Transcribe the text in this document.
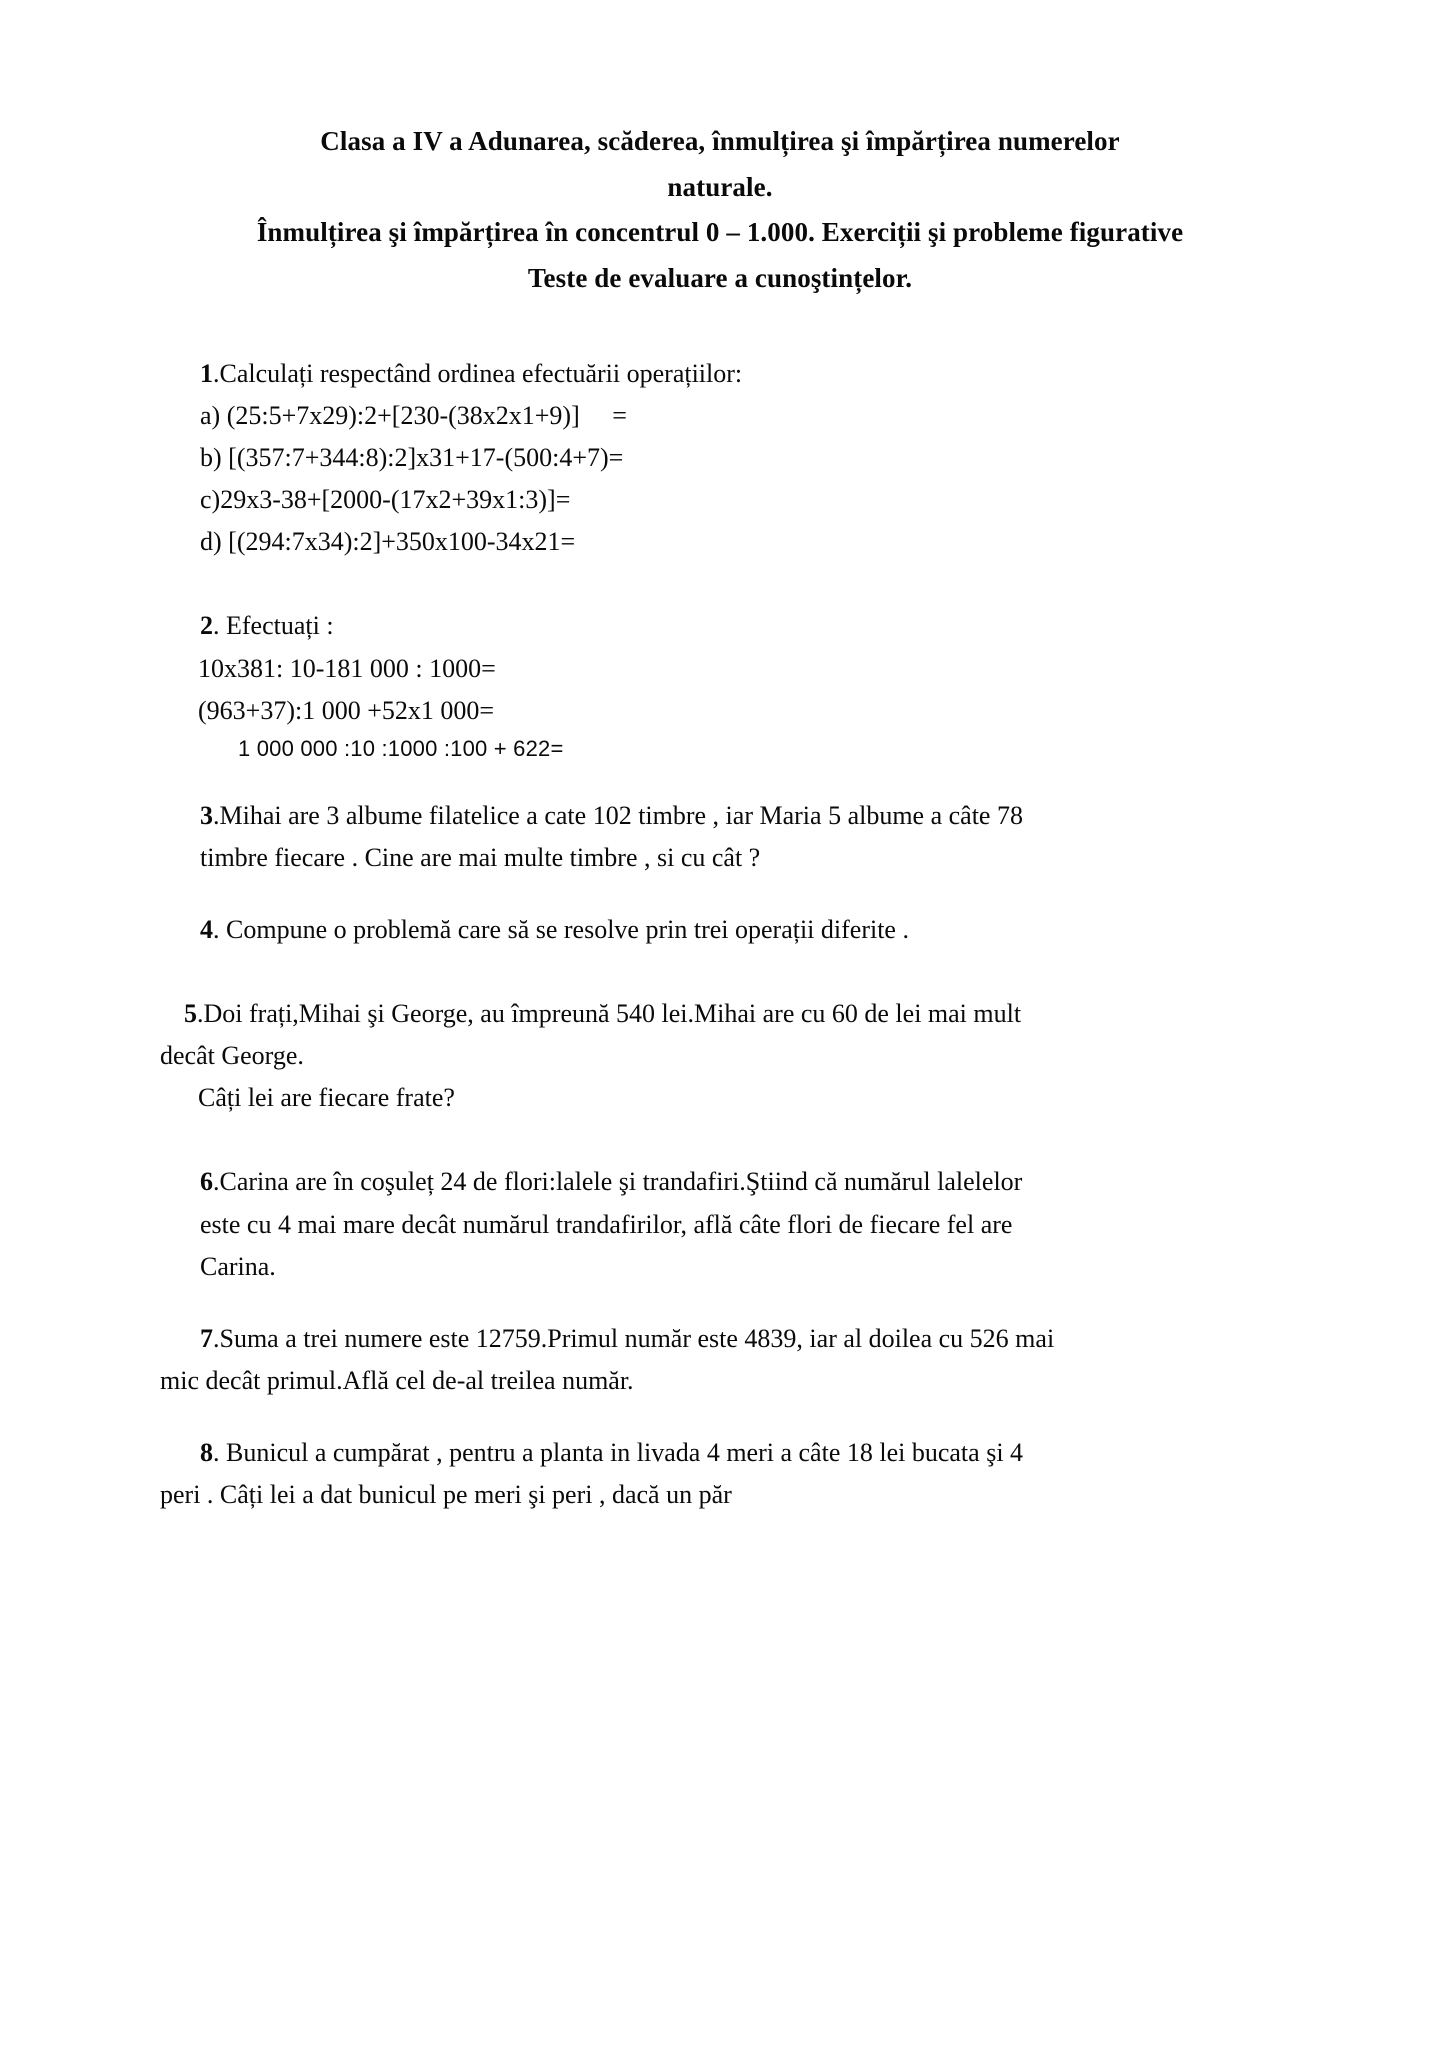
Clasa a IV a Adunarea, scăderea, înmulțirea şi împărțirea numerelor
naturale.
Înmulțirea şi împărțirea în concentrul 0 – 1.000. Exerciții şi probleme figurative
Teste de evaluare a cunoştințelor.
1.Calculați respectând ordinea efectuării operațiilor:
a) (25:5+7x29):2+[230-(38x2x1+9)]     =
b) [(357:7+344:8):2]x31+17-(500:4+7)=
c)29x3-38+[2000-(17x2+39x1:3)]=
d) [(294:7x34):2]+350x100-34x21=
2. Efectuați :
10x381: 10-181 000 : 1000=
(963+37):1 000 +52x1 000=
1 000 000 :10 :1000 :100 + 622=
3.Mihai are 3 albume filatelice a cate 102 timbre , iar Maria 5 albume a câte 78
timbre fiecare . Cine are mai multe timbre , si cu cât ?
4. Compune o problemă care să se resolve prin trei operații diferite .
5.Doi frați,Mihai şi George, au împreună 540 lei.Mihai are cu 60 de lei mai mult
decât George.
Câți lei are fiecare frate?
6.Carina are în coşuleț 24 de flori:lalele şi trandafiri.Ştiind că numărul lalelelor
este cu 4 mai mare decât numărul trandafirilor, află câte flori de fiecare fel are
Carina.
7.Suma a trei numere este 12759.Primul număr este 4839, iar al doilea cu 526 mai
mic decât primul.Află cel de-al treilea număr.
8. Bunicul a cumpărat , pentru a planta in livada 4 meri a câte 18 lei bucata şi 4
peri . Câți lei a dat bunicul pe meri şi peri , dacă un păr
